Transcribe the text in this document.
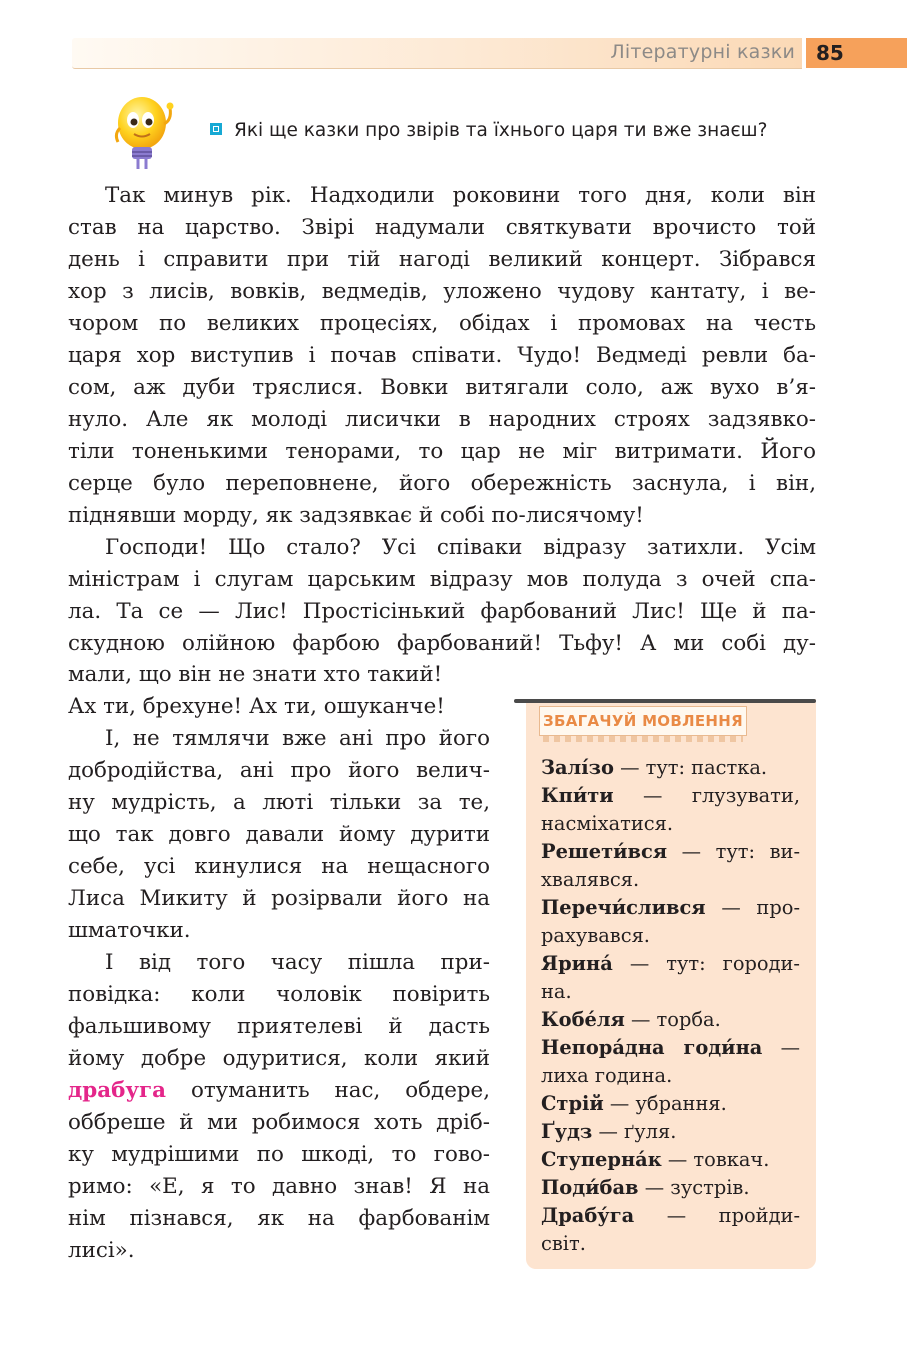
Літературні казки	85
Які ще казки про звірів та їхнього царя ти вже знаєш?
Так минув рік. Надходили роковини того дня, коли він
став на царство. Звірі надумали святкувати врочисто той
день і справити при тій нагоді великий концерт. Зібрався
хор з лисів, вовків, ведмедів, уложено чудову кантату, і ве-
чором по великих процесіях, обідах і промовах на честь
царя хор виступив і почав співати. Чудо! Ведмеді ревли ба-
сом, аж дуби тряслися. Вовки витягали соло, аж вухо в’я-
нуло. Але як молоді лисички в народних строях задзявко-
тіли тоненькими тенорами, то цар не міг витримати. Його
серце було переповнене, його обережність заснула, і він,
піднявши морду, як задзявкає й собі по-лисячому!
Господи! Що стало? Усі співаки відразу затихли. Усім
міністрам і слугам царським відразу мов полуда з очей спа-
ла. Та се — Лис! Простісінький фарбований Лис! Ще й па-
скудною олійною фарбою фарбований! Тьфу! А ми собі ду-
мали, що він не знати хто такий!
Ах ти, брехуне! Ах ти, ошуканче!
І, не тямлячи вже ані про його
добродійства, ані про його велич-
ну мудрість, а люті тільки за те,
що так довго давали йому дурити
себе, усі кинулися на нещасного
Лиса Микиту й розірвали його на
шматочки.
І від того часу пішла при-
повідка: коли чоловік повірить
фальшивому приятелеві й дасть
йому добре одуритися, коли який
драбуга отуманить нас, обдере,
оббреше й ми робимося хоть дріб-
ку мудрішими по шкоді, то гово-
римо: «Е, я то давно знав! Я на
нім пізнався, як на фарбованім
лисі».
ЗБАГАЧУЙ МОВЛЕННЯ
Залі́зо — тут: пастка.
Кпи́ти — глузувати,
насміхатися.
Решети́вся — тут: ви-
хвалявся.
Перечи́слився — про-
рахувався.
Ярина́ — тут: городи-
на.
Кобе́ля — торба.
Непора́дна годи́на —
лиха година.
Стрій — убрання.
Ґудз — ґуля.
Ступерна́к — товкач.
Поди́бав — зустрів.
Драбу́га — пройди-
світ.
